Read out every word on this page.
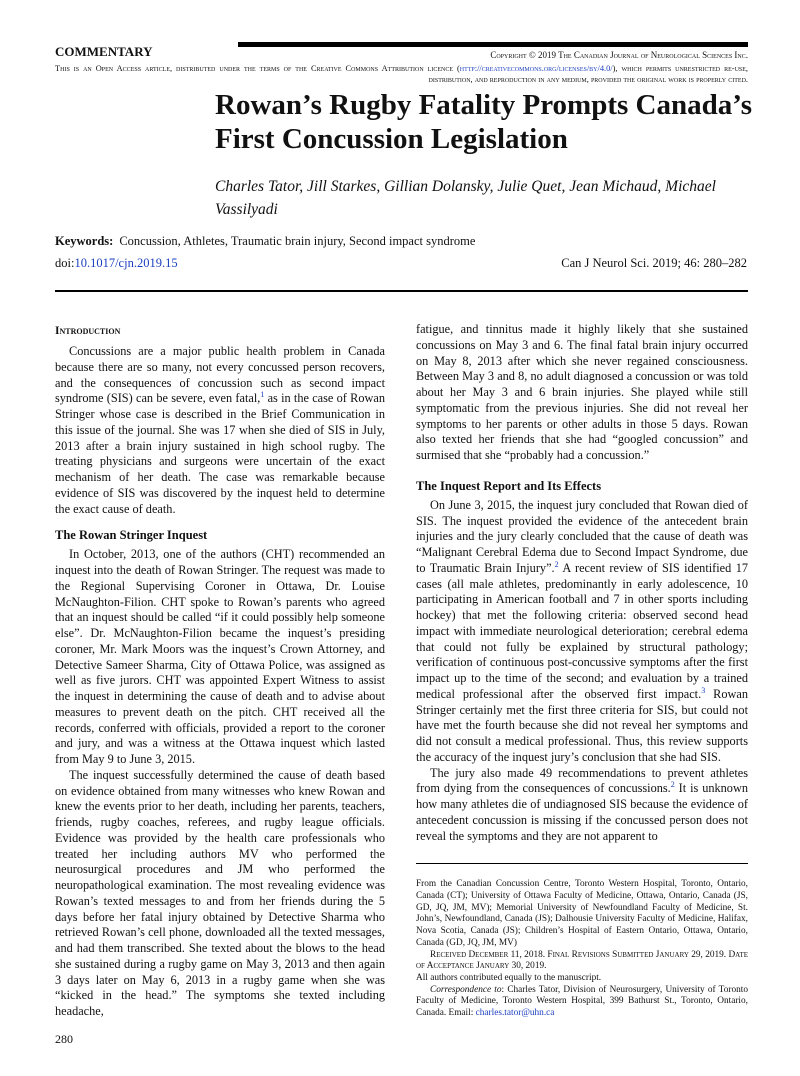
COMMENTARY	Copyright © 2019 The Canadian Journal of Neurological Sciences Inc.
This is an Open Access article, distributed under the terms of the Creative Commons Attribution licence (http://creativecommons.org/licenses/by/4.0/), which permits unrestricted re-use, distribution, and reproduction in any medium, provided the original work is properly cited.
Rowan’s Rugby Fatality Prompts Canada’s First Concussion Legislation
Charles Tator, Jill Starkes, Gillian Dolansky, Julie Quet, Jean Michaud, Michael Vassilyadi
Keywords: Concussion, Athletes, Traumatic brain injury, Second impact syndrome
doi:10.1017/cjn.2019.15	Can J Neurol Sci. 2019; 46: 280–282
Introduction

Concussions are a major public health problem in Canada because there are so many, not every concussed person recovers, and the consequences of concussion such as second impact syndrome (SIS) can be severe, even fatal,$^1$ as in the case of Rowan Stringer whose case is described in the Brief Communication in this issue of the journal. She was 17 when she died of SIS in July, 2013 after a brain injury sustained in high school rugby. The treating physicians and surgeons were uncertain of the exact mechanism of her death. The case was remarkable because evidence of SIS was discovered by the inquest held to determine the exact cause of death.

The Rowan Stringer Inquest

In October, 2013, one of the authors (CHT) recommended an inquest into the death of Rowan Stringer. The request was made to the Regional Supervising Coroner in Ottawa, Dr. Louise McNaughton-Filion. CHT spoke to Rowan’s parents who agreed that an inquest should be called “if it could possibly help someone else”. Dr. McNaughton-Filion became the inquest’s presiding coroner, Mr. Mark Moors was the inquest’s Crown Attorney, and Detective Sameer Sharma, City of Ottawa Police, was assigned as well as five jurors. CHT was appointed Expert Witness to assist the inquest in determining the cause of death and to advise about measures to prevent death on the pitch. CHT received all the records, conferred with officials, provided a report to the coroner and jury, and was a witness at the Ottawa inquest which lasted from May 9 to June 3, 2015.

The inquest successfully determined the cause of death based on evidence obtained from many witnesses who knew Rowan and knew the events prior to her death, including her parents, teachers, friends, rugby coaches, referees, and rugby league officials. Evidence was provided by the health care professionals who treated her including authors MV who performed the neurosurgical procedures and JM who performed the neuropathological examination. The most revealing evidence was Rowan’s texted messages to and from her friends during the 5 days before her fatal injury obtained by Detective Sharma who retrieved Rowan’s cell phone, downloaded all the texted messages, and had them transcribed. She texted about the blows to the head she sustained during a rugby game on May 3, 2013 and then again 3 days later on May 6, 2013 in a rugby game when she was “kicked in the head.” The symptoms she texted including headache,

fatigue, and tinnitus made it highly likely that she sustained concussions on May 3 and 6. The final fatal brain injury occurred on May 8, 2013 after which she never regained consciousness. Between May 3 and 8, no adult diagnosed a concussion or was told about her May 3 and 6 brain injuries. She played while still symptomatic from the previous injuries. She did not reveal her symptoms to her parents or other adults in those 5 days. Rowan also texted her friends that she had “googled concussion” and surmised that she “probably had a concussion.”

The Inquest Report and Its Effects

On June 3, 2015, the inquest jury concluded that Rowan died of SIS. The inquest provided the evidence of the antecedent brain injuries and the jury clearly concluded that the cause of death was “Malignant Cerebral Edema due to Second Impact Syndrome, due to Traumatic Brain Injury”.$^2$ A recent review of SIS identified 17 cases (all male athletes, predominantly in early adolescence, 10 participating in American football and 7 in other sports including hockey) that met the following criteria: observed second head impact with immediate neurological deterioration; cerebral edema that could not fully be explained by structural pathology; verification of continuous post-concussive symptoms after the first impact up to the time of the second; and evaluation by a trained medical professional after the observed first impact.$^3$ Rowan Stringer certainly met the first three criteria for SIS, but could not have met the fourth because she did not reveal her symptoms and did not consult a medical professional. Thus, this review supports the accuracy of the inquest jury’s conclusion that she had SIS.

The jury also made 49 recommendations to prevent athletes from dying from the consequences of concussions.$^2$ It is unknown how many athletes die of undiagnosed SIS because the evidence of antecedent concussion is missing if the concussed person does not reveal the symptoms and they are not apparent to

From the Canadian Concussion Centre, Toronto Western Hospital, Toronto, Ontario, Canada (CT); University of Ottawa Faculty of Medicine, Ottawa, Ontario, Canada (JS, GD, JQ, JM, MV); Memorial University of Newfoundland Faculty of Medicine, St. John’s, Newfoundland, Canada (JS); Dalhousie University Faculty of Medicine, Halifax, Nova Scotia, Canada (JS); Children’s Hospital of Eastern Ontario, Ottawa, Ontario, Canada (GD, JQ, JM, MV)

Received December 11, 2018. Final Revisions Submitted January 29, 2019. Date of Acceptance January 30, 2019.

All authors contributed equally to the manuscript.

Correspondence to: Charles Tator, Division of Neurosurgery, University of Toronto Faculty of Medicine, Toronto Western Hospital, 399 Bathurst St., Toronto, Ontario, Canada. Email: charles.tator@uhn.ca

280
